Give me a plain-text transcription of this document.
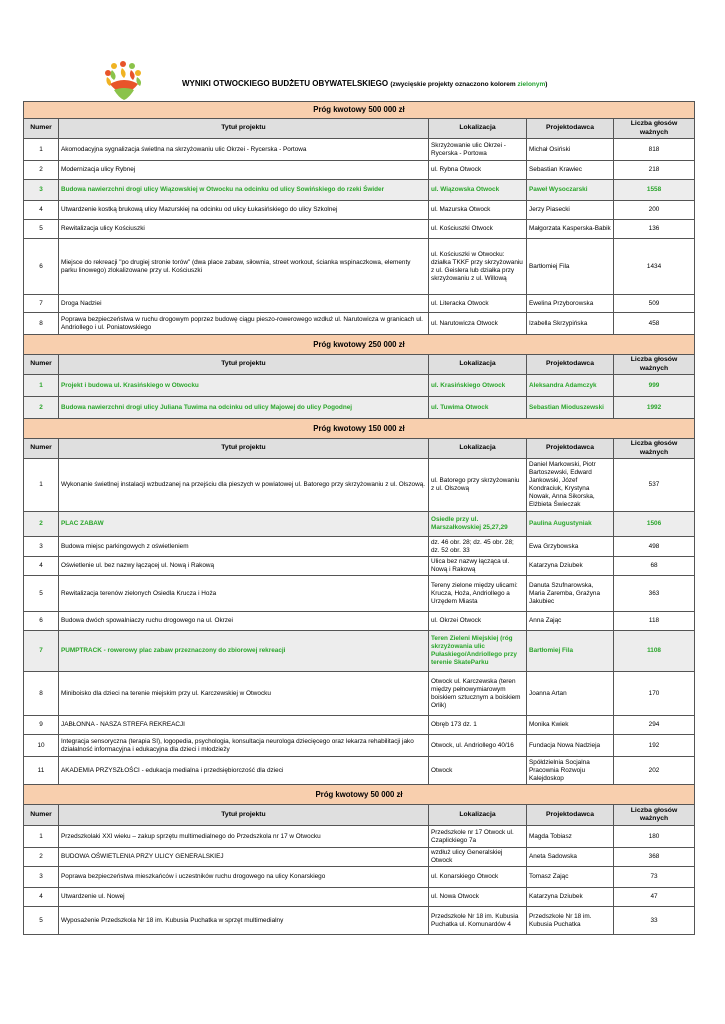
WYNIKI OTWOCKIEGO BUDŻETU OBYWATELSKIEGO (zwycięskie projekty oznaczono kolorem zielonym)
Próg kwotowy 500 000 zł				
Numer	Tytuł projektu	Lokalizacja	Projektodawca	Liczba głosów ważnych
1	Akomodacyjna sygnalizacja świetlna na skrzyżowaniu ulic Okrzei - Rycerska - Portowa	Skrzyżowanie ulic Okrzei - Rycerska - Portowa	Michał Osiński	818
2	Modernizacja ulicy Rybnej	ul. Rybna Otwock	Sebastian Krawiec	218
3	Budowa nawierzchni drogi ulicy Wiązowskiej w Otwocku na odcinku od ulicy Sowińskiego do rzeki Świder	ul. Wiązowska Otwock	Paweł Wysoczarski	1558
4	Utwardzenie kostką brukową ulicy Mazurskiej na odcinku od ulicy Łukasińskiego do ulicy Szkolnej	ul. Mazurska Otwock	Jerzy Piasecki	200
5	Rewitalizacja ulicy Kościuszki	ul. Kościuszki Otwock	Małgorzata Kasperska-Babik	136
6	Miejsce do rekreacji "po drugiej stronie torów" (dwa place zabaw, siłownia, street workout, ścianka wspinaczkowa, elementy parku linowego) zlokalizowane przy ul. Kościuszki	ul. Kościuszki w Otwocku: działka TKKF przy skrzyżowaniu z ul. Geislera lub działka przy skrzyżowaniu z ul. Willową	Bartłomiej Fila	1434
7	Droga Nadziei	ul. Literacka Otwock	Ewelina Przyborowska	509
8	Poprawa bezpieczeństwa w ruchu drogowym poprzez budowę ciągu pieszo-rowerowego wzdłuż ul. Narutowicza w granicach ul. Andriollego i ul. Poniatowskiego	ul. Narutowicza Otwock	Izabella Skrzypińska	458
Próg kwotowy 250 000 zł				
Numer	Tytuł projektu	Lokalizacja	Projektodawca	Liczba głosów ważnych
1	Projekt i budowa ul. Krasińskiego w Otwocku	ul. Krasińskiego Otwock	Aleksandra Adamczyk	999
2	Budowa nawierzchni drogi ulicy Juliana Tuwima na odcinku od ulicy Majowej do ulicy Pogodnej	ul. Tuwima Otwock	Sebastian Mioduszewski	1992
Próg kwotowy 150 000 zł				
Numer	Tytuł projektu	Lokalizacja	Projektodawca	Liczba głosów ważnych
1	Wykonanie świetlnej instalacji wzbudzanej na przejściu dla pieszych w powiatowej ul. Batorego przy skrzyżowaniu z ul. Olszową.	ul. Batorego przy skrzyżowaniu z ul. Olszową	Daniel Markowski, Piotr Bartoszewski, Edward Jankowski, Józef Kondraciuk, Krystyna Nowak, Anna Sikorska, Elżbieta Świeczak	537
2	PLAC ZABAW	Osiedle przy ul. Marszałkowskiej 25,27,29	Paulina Augustyniak	1506
3	Budowa miejsc parkingowych z oświetleniem	dz. 46 obr. 28; dz. 45 obr. 28; dz. 52 obr. 33	Ewa Grzybowska	498
4	Oświetlenie ul. bez nazwy łączącej ul. Nową i Rakową	Ulica bez nazwy łącząca ul. Nową i Rakową	Katarzyna Dziubek	68
5	Rewitalizacja terenów zielonych Osiedla Krucza i Hoża	Tereny zielone między ulicami: Krucza, Hoża, Andriollego a Urzędem Miasta	Danuta Szufnarowska, Maria Zaremba, Grażyna Jakubiec	363
6	Budowa dwóch spowalniaczy ruchu drogowego na ul. Okrzei	ul. Okrzei Otwock	Anna Zając	118
7	PUMPTRACK - rowerowy plac zabaw przeznaczony do zbiorowej rekreacji	Teren Zieleni Miejskiej (róg skrzyżowania ulic Pułaskiego/Andriollego przy terenie SkateParku	Bartłomiej Fila	1108
8	Miniboisko dla dzieci na terenie miejskim przy ul. Karczewskiej w Otwocku	Otwock ul. Karczewska (teren między pełnowymiarowym boiskiem sztucznym a boiskiem Orlik)	Joanna Artan	170
9	JABŁONNA - NASZA STREFA REKREACJI	Obręb 173 dz. 1	Monika Kwiek	294
10	Integracja sensoryczna (terapia SI), logopedia, psychologia, konsultacja neurologa dziecięcego oraz lekarza rehabilitacji jako działalność informacyjna i edukacyjna dla dzieci i młodzieży	Otwock, ul. Andriollego 40/16	Fundacja Nowa Nadzieja	192
11	AKADEMIA PRZYSZŁOŚCI - edukacja medialna i przedsiębiorczość dla dzieci	Otwock	Spółdzielnia Socjalna Pracownia Rozwoju Kalejdoskop	202
Próg kwotowy 50 000 zł				
Numer	Tytuł projektu	Lokalizacja	Projektodawca	Liczba głosów ważnych
1	Przedszkolaki XXI wieku – zakup sprzętu multimedialnego do Przedszkola nr 17 w Otwocku	Przedszkole nr 17 Otwock ul. Czaplickiego 7a	Magda Tobiasz	180
2	BUDOWA OŚWIETLENIA PRZY ULICY GENERALSKIEJ	wzdłuż ulicy Generalskiej Otwock	Aneta Sadowska	368
3	Poprawa bezpieczeństwa mieszkańców i uczestników ruchu drogowego na ulicy Konarskiego	ul. Konarskiego Otwock	Tomasz Zając	73
4	Utwardzenie ul. Nowej	ul. Nowa Otwock	Katarzyna Dziubek	47
5	Wyposażenie Przedszkola Nr 18 im. Kubusia Puchatka w sprzęt multimedialny	Przedszkole Nr 18 im. Kubusia Puchatka ul. Komunardów 4	Przedszkole Nr 18 im. Kubusia Puchatka	33
